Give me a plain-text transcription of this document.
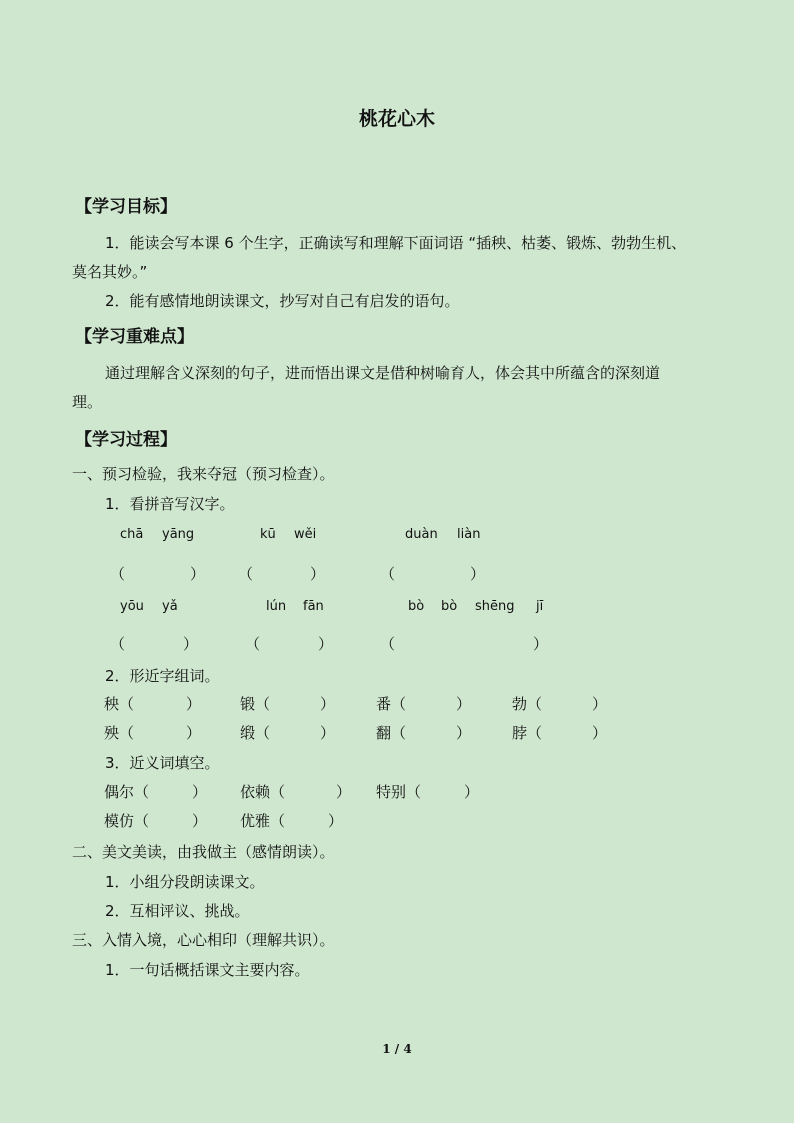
桃花心木
【学习目标】
1．能读会写本课 6 个生字，正确读写和理解下面词语 “插秧、枯萎、锻炼、勃勃生机、
莫名其妙。”
2．能有感情地朗读课文，抄写对自己有启发的语句。
【学习重难点】
通过理解含义深刻的句子，进而悟出课文是借种树喻育人，体会其中所蕴含的深刻道
理。
【学习过程】
一、预习检验，我来夺冠（预习检查）。
1．看拼音写汉字。
chā yāng	kū wěi	duàn liàn
（	） （	）	（	）
yōu yǎ	lún fān	bò bò shēng jī
（	）	（	）	（	）
2．形近字组词。
秧（	）	锻（	）	番（	）	勃（	）
殃（	）	缎（	）	翻（	）	脖（	）
3．近义词填空。
偶尔（	） 依赖（	） 特别（	）
模仿（	） 优雅（	）
二、美文美读，由我做主（感情朗读）。
1．小组分段朗读课文。
2．互相评议、挑战。
三、入情入境，心心相印（理解共识）。
1．一句话概括课文主要内容。
1 / 4
